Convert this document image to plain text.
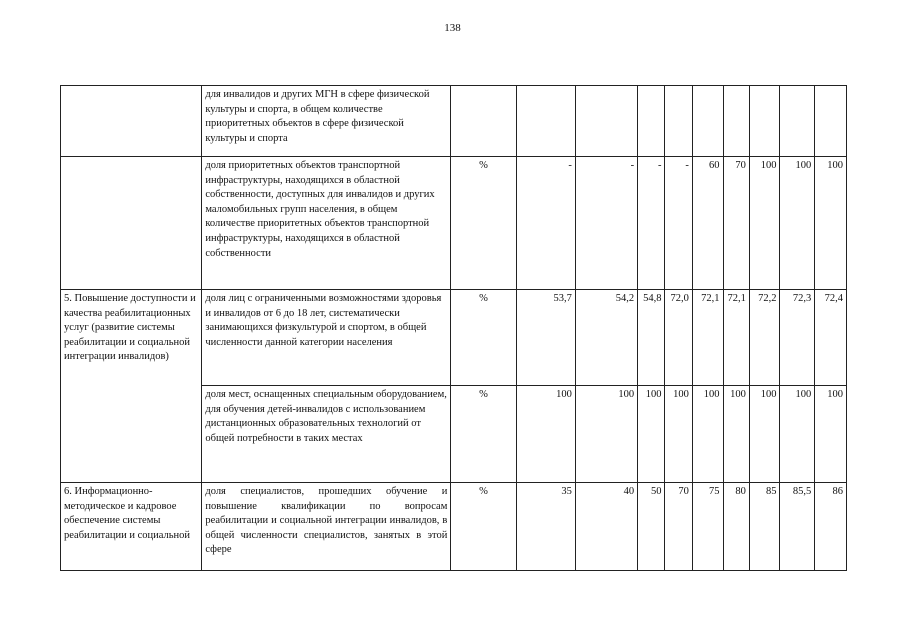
138
	для инвалидов и других МГН в сфере физической культуры и спорта, в общем количестве приоритетных объектов в сфере физической культуры и спорта										
	доля приоритетных объектов транспортной инфраструктуры, находящихся в областной собственности, доступных для инвалидов и других маломобильных групп населения, в общем количестве приоритетных объектов транспортной инфраструктуры, находящихся в областной собственности	%	-	-	-	-	60	70	100	100	100
5. Повышение доступности и качества реабилитационных услуг (развитие системы реабилитации и социальной интеграции инвалидов)	доля лиц с ограниченными возможностями здоровья и инвалидов от 6 до 18 лет, систематически занимающихся физкультурой и спортом, в общей численности данной категории населения	%	53,7	54,2	54,8	72,0	72,1	72,1	72,2	72,3	72,4
	доля мест, оснащенных специальным оборудованием, для обучения детей-инвалидов с использованием дистанционных образовательных технологий от общей потребности в таких местах	%	100	100	100	100	100	100	100	100	100
6. Информационно-методическое и кадровое обеспечение системы реабилитации и социальной	доля специалистов, прошедших обучение и повышение квалификации по вопросам реабилитации и социальной интеграции инвалидов, в общей численности специалистов, занятых в этой сфере	%	35	40	50	70	75	80	85	85,5	86
